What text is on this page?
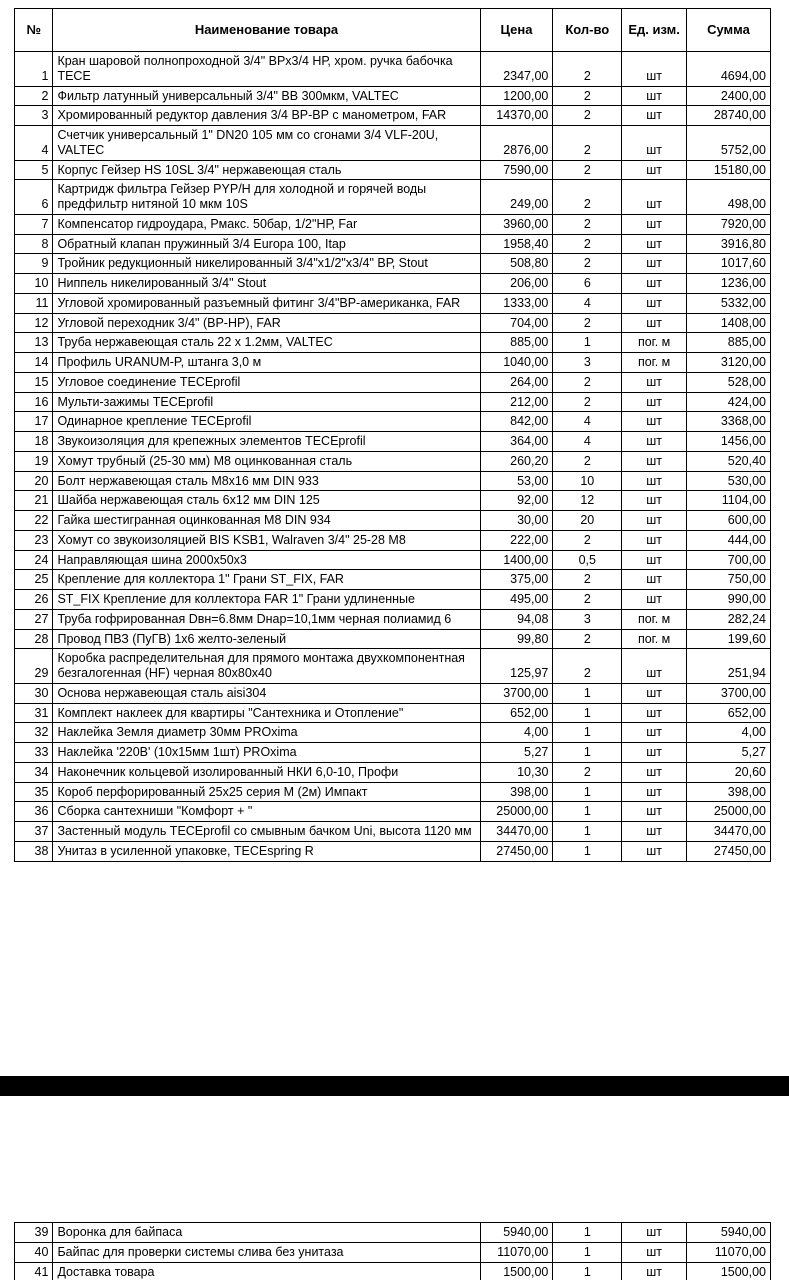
№	Наименование товара	Цена	Кол-во	Ед. изм.	Сумма
1	Кран шаровой полнопроходной 3/4" ВРх3/4 НР, хром. ручка бабочка TECE	2347,00	2	шт	4694,00
2	Фильтр латунный универсальный 3/4" ВВ 300мкм, VALTEC	1200,00	2	шт	2400,00
3	Хромированный редуктор давления 3/4 ВР-ВР с манометром, FAR	14370,00	2	шт	28740,00
4	Счетчик универсальный 1" DN20 105 мм со сгонами 3/4 VLF-20U, VALTEC	2876,00	2	шт	5752,00
5	Корпус Гейзер HS 10SL 3/4" нержавеющая сталь	7590,00	2	шт	15180,00
6	Картридж фильтра Гейзер PYP/H для холодной и горячей воды предфильтр нитяной 10 мкм 10S	249,00	2	шт	498,00
7	Компенсатор гидроудара, Рмакс. 50бар, 1/2"НР, Far	3960,00	2	шт	7920,00
8	Обратный клапан пружинный 3/4 Europa 100, Itap	1958,40	2	шт	3916,80
9	Тройник редукционный никелированный 3/4"х1/2"х3/4" ВР, Stout	508,80	2	шт	1017,60
10	Ниппель никелированный 3/4" Stout	206,00	6	шт	1236,00
11	Угловой хромированный разъемный фитинг 3/4"ВР-американка, FAR	1333,00	4	шт	5332,00
12	Угловой переходник 3/4" (ВР-НР), FAR	704,00	2	шт	1408,00
13	Труба нержавеющая сталь 22 х 1.2мм, VALTEC	885,00	1	пог. м	885,00
14	Профиль URANUM-P, штанга 3,0 м	1040,00	3	пог. м	3120,00
15	Угловое соединение TECEprofil	264,00	2	шт	528,00
16	Мульти-зажимы TECEprofil	212,00	2	шт	424,00
17	Одинарное крепление TECEprofil	842,00	4	шт	3368,00
18	Звукоизоляция для крепежных элементов TECEprofil	364,00	4	шт	1456,00
19	Хомут трубный (25-30 мм) М8 оцинкованная сталь	260,20	2	шт	520,40
20	Болт нержавеющая сталь М8х16 мм DIN 933	53,00	10	шт	530,00
21	Шайба нержавеющая сталь 6х12 мм DIN 125	92,00	12	шт	1104,00
22	Гайка шестигранная оцинкованная М8 DIN 934	30,00	20	шт	600,00
23	Хомут со звукоизоляцией BIS KSB1, Walraven 3/4" 25-28 М8	222,00	2	шт	444,00
24	Направляющая шина 2000х50х3	1400,00	0,5	шт	700,00
25	Крепление для коллектора 1" Грани ST_FIX, FAR	375,00	2	шт	750,00
26	ST_FIX Крепление для коллектора FAR 1" Грани удлиненные	495,00	2	шт	990,00
27	Труба гофрированная Dвн=6.8мм Dнар=10,1мм черная полиамид 6	94,08	3	пог. м	282,24
28	Провод ПВЗ (ПуГВ) 1х6 желто-зеленый	99,80	2	пог. м	199,60
29	Коробка распределительная для прямого монтажа двухкомпонентная безгалогенная (HF) черная 80х80х40	125,97	2	шт	251,94
30	Основа нержавеющая сталь aisi304	3700,00	1	шт	3700,00
31	Комплект наклеек для квартиры "Сантехника и Отопление"	652,00	1	шт	652,00
32	Наклейка Земля диаметр 30мм PROxima	4,00	1	шт	4,00
33	Наклейка '220В' (10х15мм 1шт) PROxima	5,27	1	шт	5,27
34	Наконечник кольцевой изолированный НКИ 6,0-10, Профи	10,30	2	шт	20,60
35	Короб перфорированный 25х25 серия М (2м) Импакт	398,00	1	шт	398,00
36	Сборка сантехниши "Комфорт + "	25000,00	1	шт	25000,00
37	Застенный модуль TECEprofil со смывным бачком Uni, высота 1120 мм	34470,00	1	шт	34470,00
38	Унитаз в усиленной упаковке, TECEspring R	27450,00	1	шт	27450,00
39	Воронка для байпаса	5940,00	1	шт	5940,00
40	Байпас для проверки системы слива без унитаза	11070,00	1	шт	11070,00
41	Доставка товара	1500,00	1	шт	1500,00
